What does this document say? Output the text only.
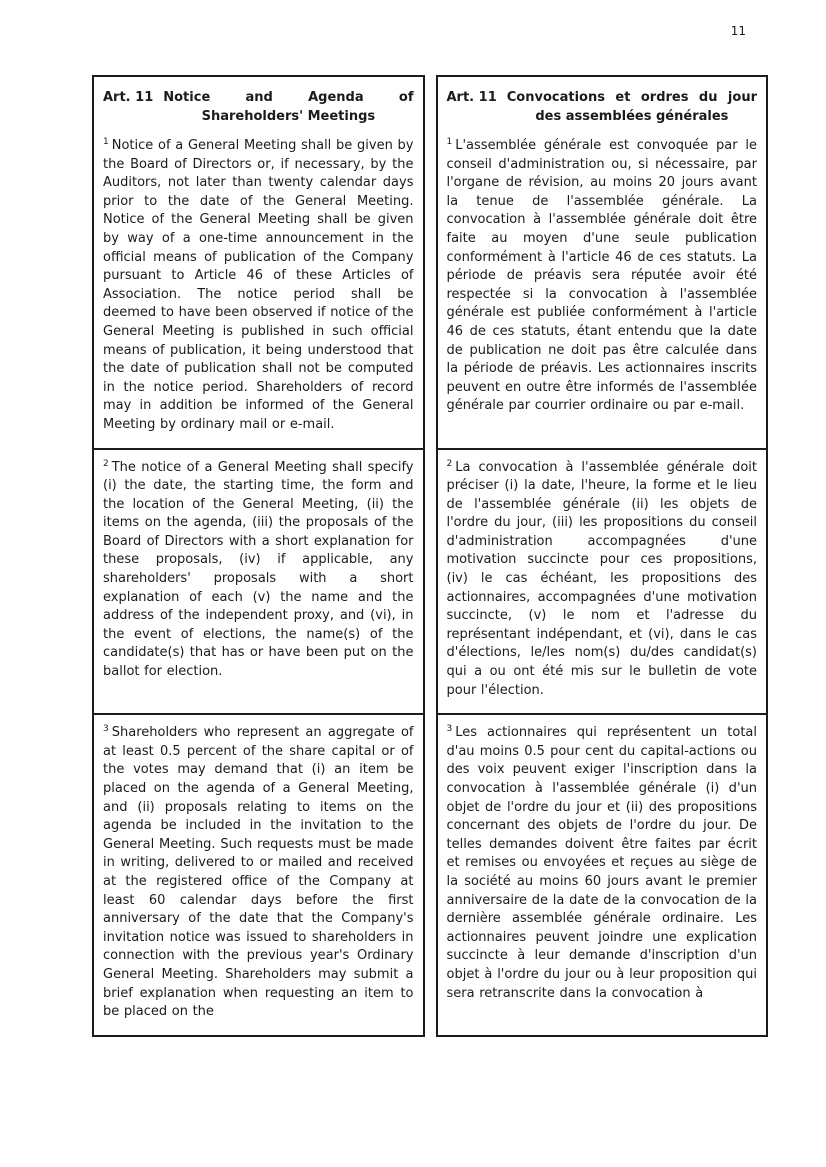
11
Art. 11 Notice and Agenda of Shareholders' Meetings

$^1$ Notice of a General Meeting shall be given by the Board of Directors or, if necessary, by the Auditors, not later than twenty calendar days prior to the date of the General Meeting. Notice of the General Meeting shall be given by way of a one-time announcement in the official means of publication of the Company pursuant to Article 46 of these Articles of Association. The notice period shall be deemed to have been observed if notice of the General Meeting is published in such official means of publication, it being understood that the date of publication shall not be computed in the notice period. Shareholders of record may in addition be informed of the General Meeting by ordinary mail or e-mail.

Art. 11 Convocations et ordres du jour des assemblées générales

$^1$ L'assemblée générale est convoquée par le conseil d'administration ou, si nécessaire, par l'organe de révision, au moins 20 jours avant la tenue de l'assemblée générale. La convocation à l'assemblée générale doit être faite au moyen d'une seule publication conformément à l'article 46 de ces statuts. La période de préavis sera réputée avoir été respectée si la convocation à l'assemblée générale est publiée conformément à l'article 46 de ces statuts, étant entendu que la date de publication ne doit pas être calculée dans la période de préavis. Les actionnaires inscrits peuvent en outre être informés de l'assemblée générale par courrier ordinaire ou par e-mail.

$^2$ The notice of a General Meeting shall specify (i) the date, the starting time, the form and the location of the General Meeting, (ii) the items on the agenda, (iii) the proposals of the Board of Directors with a short explanation for these proposals, (iv) if applicable, any shareholders' proposals with a short explanation of each (v) the name and the address of the independent proxy, and (vi), in the event of elections, the name(s) of the candidate(s) that has or have been put on the ballot for election.

$^2$ La convocation à l'assemblée générale doit préciser (i) la date, l'heure, la forme et le lieu de l'assemblée générale (ii) les objets de l'ordre du jour, (iii) les propositions du conseil d'administration accompagnées d'une motivation succincte pour ces propositions, (iv) le cas échéant, les propositions des actionnaires, accompagnées d'une motivation succincte, (v) le nom et l'adresse du représentant indépendant, et (vi), dans le cas d'élections, le/les nom(s) du/des candidat(s) qui a ou ont été mis sur le bulletin de vote pour l'élection.

$^3$ Shareholders who represent an aggregate of at least 0.5 percent of the share capital or of the votes may demand that (i) an item be placed on the agenda of a General Meeting, and (ii) proposals relating to items on the agenda be included in the invitation to the General Meeting. Such requests must be made in writing, delivered to or mailed and received at the registered office of the Company at least 60 calendar days before the first anniversary of the date that the Company's invitation notice was issued to shareholders in connection with the previous year's Ordinary General Meeting. Shareholders may submit a brief explanation when requesting an item to be placed on the

$^3$ Les actionnaires qui représentent un total d'au moins 0.5 pour cent du capital-actions ou des voix peuvent exiger l'inscription dans la convocation à l'assemblée générale (i) d'un objet de l'ordre du jour et (ii) des propositions concernant des objets de l'ordre du jour. De telles demandes doivent être faites par écrit et remises ou envoyées et reçues au siège de la société au moins 60 jours avant le premier anniversaire de la date de la convocation de la dernière assemblée générale ordinaire. Les actionnaires peuvent joindre une explication succincte à leur demande d'inscription d'un objet à l'ordre du jour ou à leur proposition qui sera retranscrite dans la convocation à
